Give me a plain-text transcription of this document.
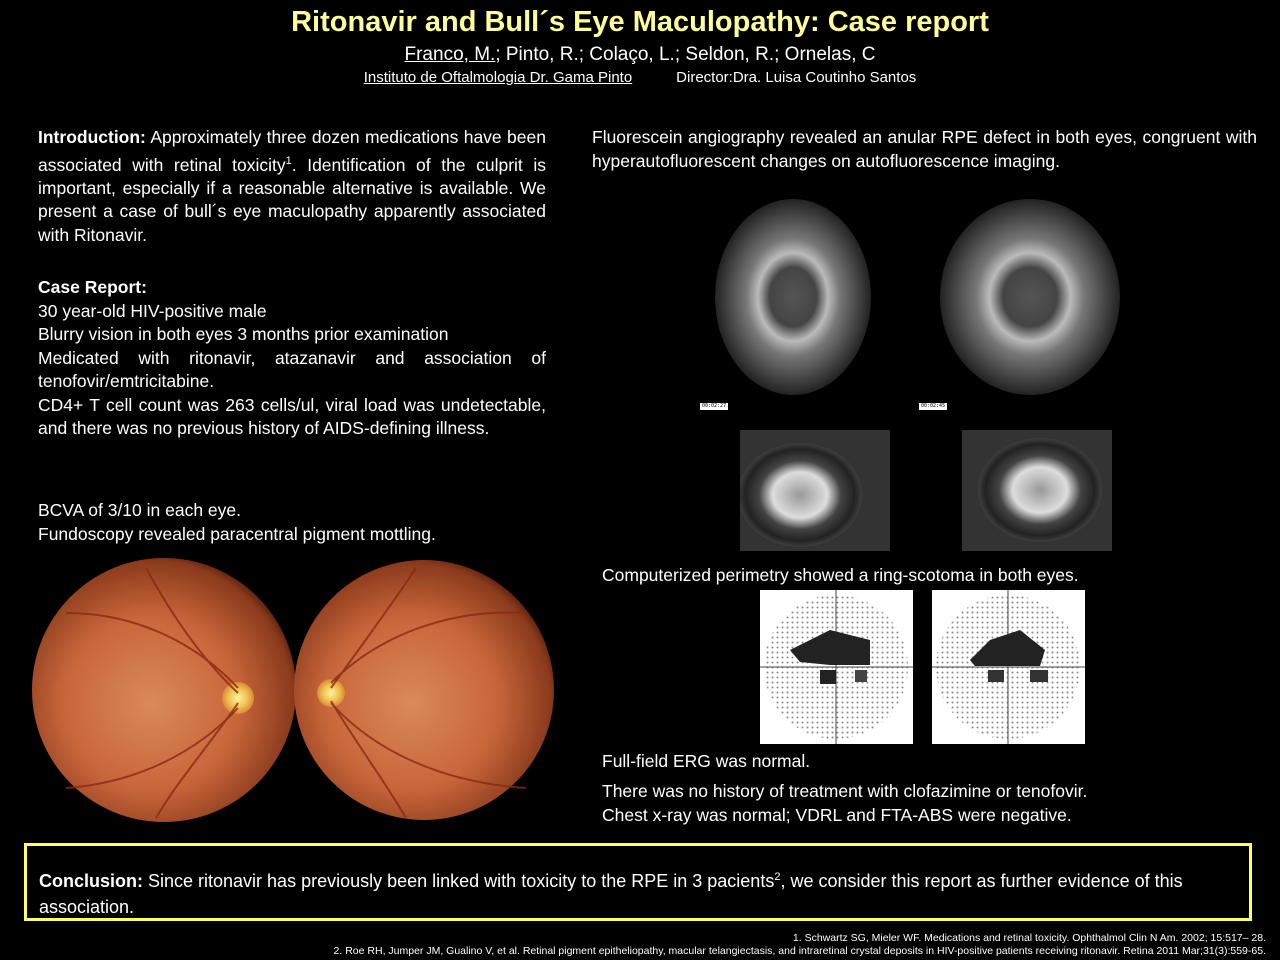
Ritonavir and Bull´s Eye Maculopathy: Case report
Franco, M.; Pinto, R.; Colaço, L.; Seldon, R.; Ornelas, C
Instituto de Oftalmologia Dr. Gama Pinto	Director:Dra. Luisa Coutinho Santos
Introduction: Approximately three dozen medications have been associated with retinal toxicity$^1$. Identification of the culprit is important, especially if a reasonable alternative is available. We present a case of bull´s eye maculopathy apparently associated with Ritonavir.
Case Report:
30 year-old HIV-positive male
Blurry vision in both eyes 3 months prior examination
Medicated with ritonavir, atazanavir and association of tenofovir/emtricitabine.
CD4+ T cell count was 263 cells/ul, viral load was undetectable, and there was no previous history of AIDS-defining illness.
BCVA of 3/10 in each eye.
Fundoscopy revealed paracentral pigment mottling.
Fluorescein angiography revealed an anular RPE defect in both eyes, congruent with hyperautofluorescent changes on autofluorescence imaging.
00:02:27	00:02:45
Computerized perimetry showed a ring-scotoma in both eyes.
Full-field ERG was normal.
There was no history of treatment with clofazimine or tenofovir.
Chest x-ray was normal; VDRL and FTA-ABS were negative.
Conclusion: Since ritonavir has previously been linked with toxicity to the RPE in 3 pacients$^2$, we consider this report as further evidence of this association.
1. Schwartz SG, Mieler WF. Medications and retinal toxicity. Ophthalmol Clin N Am. 2002; 15:517– 28.
2. Roe RH, Jumper JM, Gualino V, et al. Retinal pigment epitheliopathy, macular telangiectasis, and intraretinal crystal deposits in HIV-positive patients receiving ritonavir. Retina 2011 Mar;31(3):559-65.
